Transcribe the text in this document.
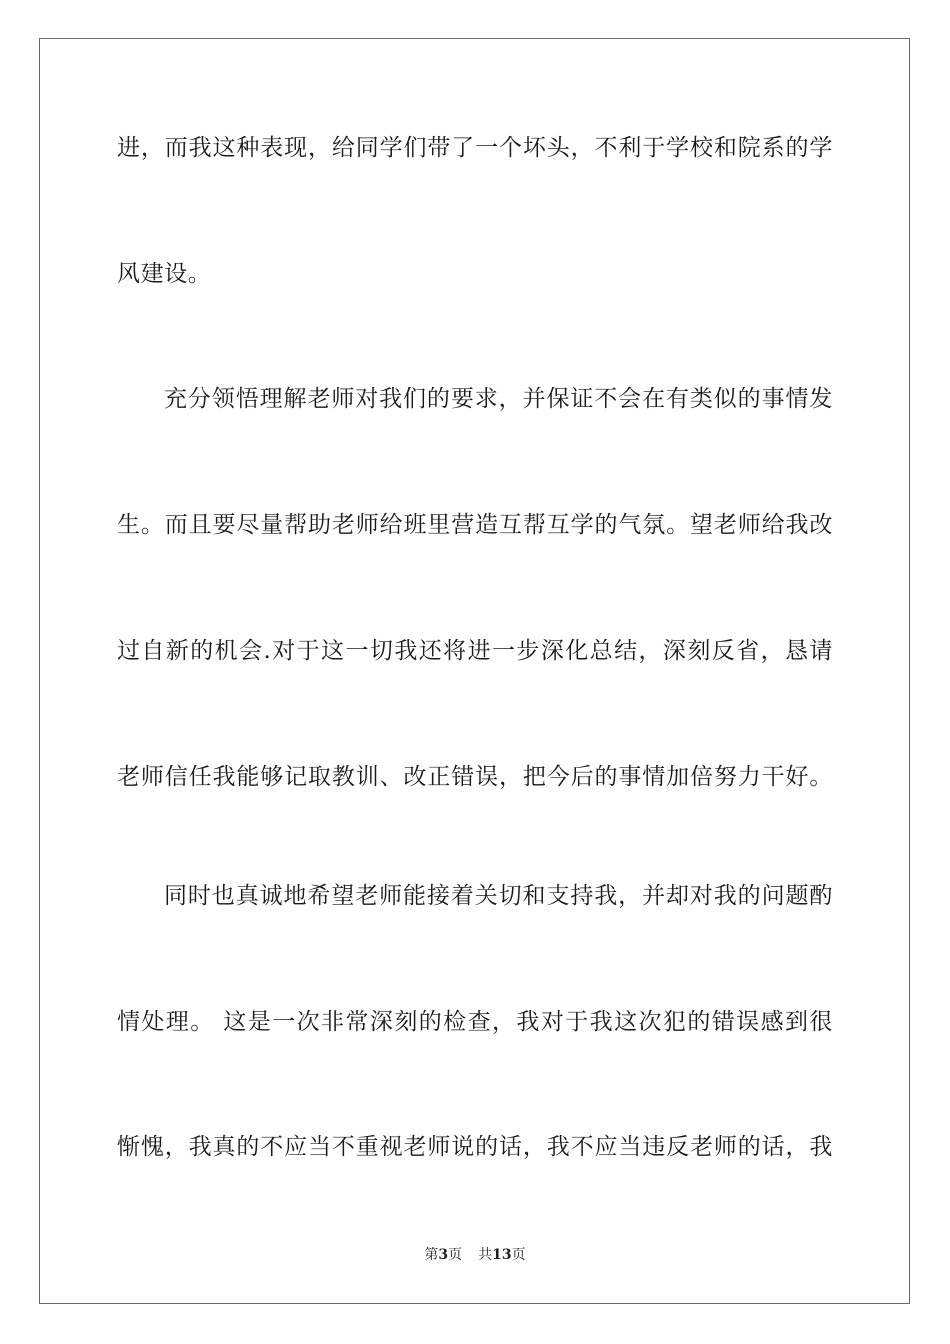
进，而我这种表现，给同学们带了一个坏头，不利于学校和院系的学
风建设。
充分领悟理解老师对我们的要求，并保证不会在有类似的事情发
生。而且要尽量帮助老师给班里营造互帮互学的气氛。望老师给我改
过自新的机会.对于这一切我还将进一步深化总结，深刻反省，恳请
老师信任我能够记取教训、改正错误，把今后的事情加倍努力干好。
同时也真诚地希望老师能接着关切和支持我，并却对我的问题酌
情处理。 这是一次非常深刻的检查，我对于我这次犯的错误感到很
惭愧，我真的不应当不重视老师说的话，我不应当违反老师的话，我
第3页 共13页
